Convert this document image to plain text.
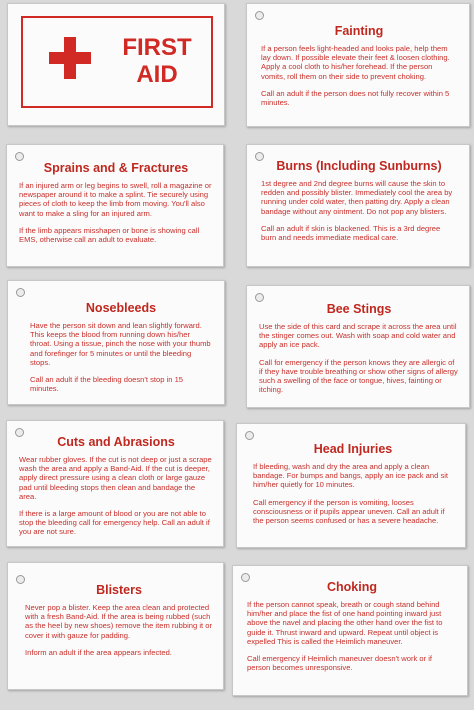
FIRST
AID
Fainting

If a person feels light-headed and looks pale, help them lay down. If possible elevate their feet & loosen clothing. Apply a cool cloth to his/her forehead. If the person vomits, roll them on their side to prevent choking.

Call an adult if the person does not fully recover within 5 minutes.

Sprains and & Fractures

If an injured arm or leg begins to swell, roll a magazine or newspaper around it to make a splint. Tie securely using pieces of cloth to keep the limb from moving. You'll also want to make a sling for an injured arm.

If the limb appears misshapen or bone is showing call EMS, otherwise call an adult to evaluate.

Burns (Including Sunburns)

1st degree and 2nd degree burns will cause the skin to redden and possibly blister. Immediately cool the area by running under cold water, then patting dry. Apply a clean bandage without any ointment. Do not pop any blisters.

Call an adult if skin is blackened. This is a 3rd degree burn and needs immediate medical care.

Nosebleeds

Have the person sit down and lean slightly forward. This keeps the blood from running down his/her throat. Using a tissue, pinch the nose with your thumb and forefinger for 5 minutes or until the bleeding stops.

Call an adult if the bleeding doesn't stop in 15 minutes.

Bee Stings

Use the side of this card and scrape it across the area until the stinger comes out. Wash with soap and cold water and apply an ice pack.

Call for emergency if the person knows they are allergic of if they have trouble breathing or show other signs of allergy such a swelling of the face or tongue, hives, fainting or itching.

Cuts and Abrasions

Wear rubber gloves. If the cut is not deep or just a scrape wash the area and apply a Band-Aid. If the cut is deeper, apply direct pressure using a clean cloth or large gauze pad until bleeding stops then clean and bandage the area.

If there is a large amount of blood or you are not able to stop the bleeding call for emergency help. Call an adult if you are not sure.

Head Injuries

If bleeding, wash and dry the area and apply a clean bandage. For bumps and bangs, apply an ice pack and sit him/her quietly for 10 minutes.

Call emergency if the person is vomiting, looses consciousness or if pupils appear uneven. Call an adult if the person seems confused or has a severe headache.

Blisters

Never pop a blister. Keep the area clean and protected with a fresh Band-Aid. If the area is being rubbed (such as the heel by new shoes) remove the item rubbing it or cover it with gauze for padding.

Inform an adult if the area appears infected.

Choking

If the person cannot speak, breath or cough stand behind him/her and place the fist of one hand pointing inward just above the navel and placing the other hand over the fist to guide it. Thrust inward and upward. Repeat until object is expelled This is called the Heimlich maneuver.

Call emergency if Heimlich maneuver doesn't work or if person becomes unresponsive.
